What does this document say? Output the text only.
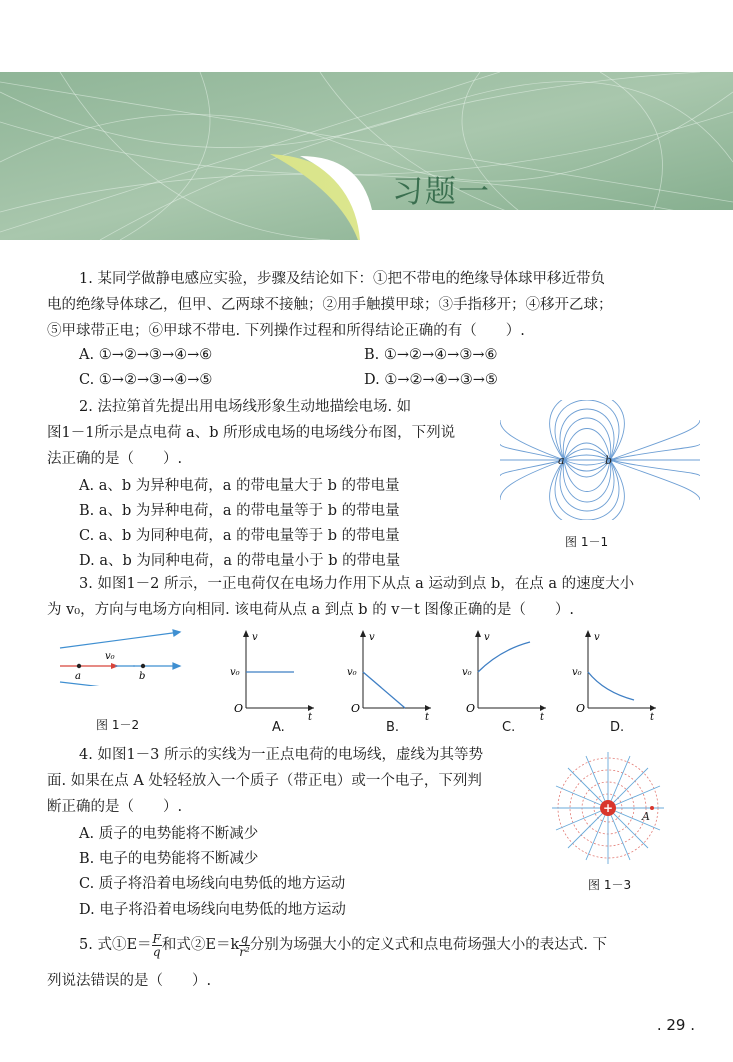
习题一
1. 某同学做静电感应实验，步骤及结论如下：①把不带电的绝缘导体球甲移近带负
电的绝缘导体球乙，但甲、乙两球不接触；②用手触摸甲球；③手指移开；④移开乙球；
⑤甲球带正电；⑥甲球不带电. 下列操作过程和所得结论正确的有（　　）.
A. ①→②→③→④→⑥	B. ①→②→④→③→⑥
C. ①→②→③→④→⑤	D. ①→②→④→③→⑤
2. 法拉第首先提出用电场线形象生动地描绘电场. 如
图1－1所示是点电荷 a、b 所形成电场的电场线分布图，下列说
法正确的是（　　）.
A. a、b 为异种电荷，a 的带电量大于 b 的带电量
B. a、b 为异种电荷，a 的带电量等于 b 的带电量
C. a、b 为同种电荷，a 的带电量等于 b 的带电量
D. a、b 为同种电荷，a 的带电量小于 b 的带电量
a	b
图 1－1
3. 如图1－2 所示，一正电荷仅在电场力作用下从点 a 运动到点 b，在点 a 的速度大小
为 v₀，方向与电场方向相同. 该电荷从点 a 到点 b 的 v－t 图像正确的是（　　）.
a	b
v₀
图 1－2
v
t
O
v₀
A.
v
t
O
v₀
B.
v
t
O
v₀
C.
v
t
O
v₀
D.
4. 如图1－3 所示的实线为一正点电荷的电场线，虚线为其等势
面. 如果在点 A 处轻轻放入一个质子（带正电）或一个电子，下列判
断正确的是（　　）.
A. 质子的电势能将不断减少
B. 电子的电势能将不断减少
C. 质子将沿着电场线向电势低的地方运动
D. 电子将沿着电场线向电势低的地方运动
+
A
图 1－3
5. 式①E＝ $\frac{F}{q}$ 和式②E＝k $\frac{q}{\text{r²}}$ 分别为场强大小的定义式和点电荷场强大小的表达式. 下
列说法错误的是（　　）.
. 29 .
